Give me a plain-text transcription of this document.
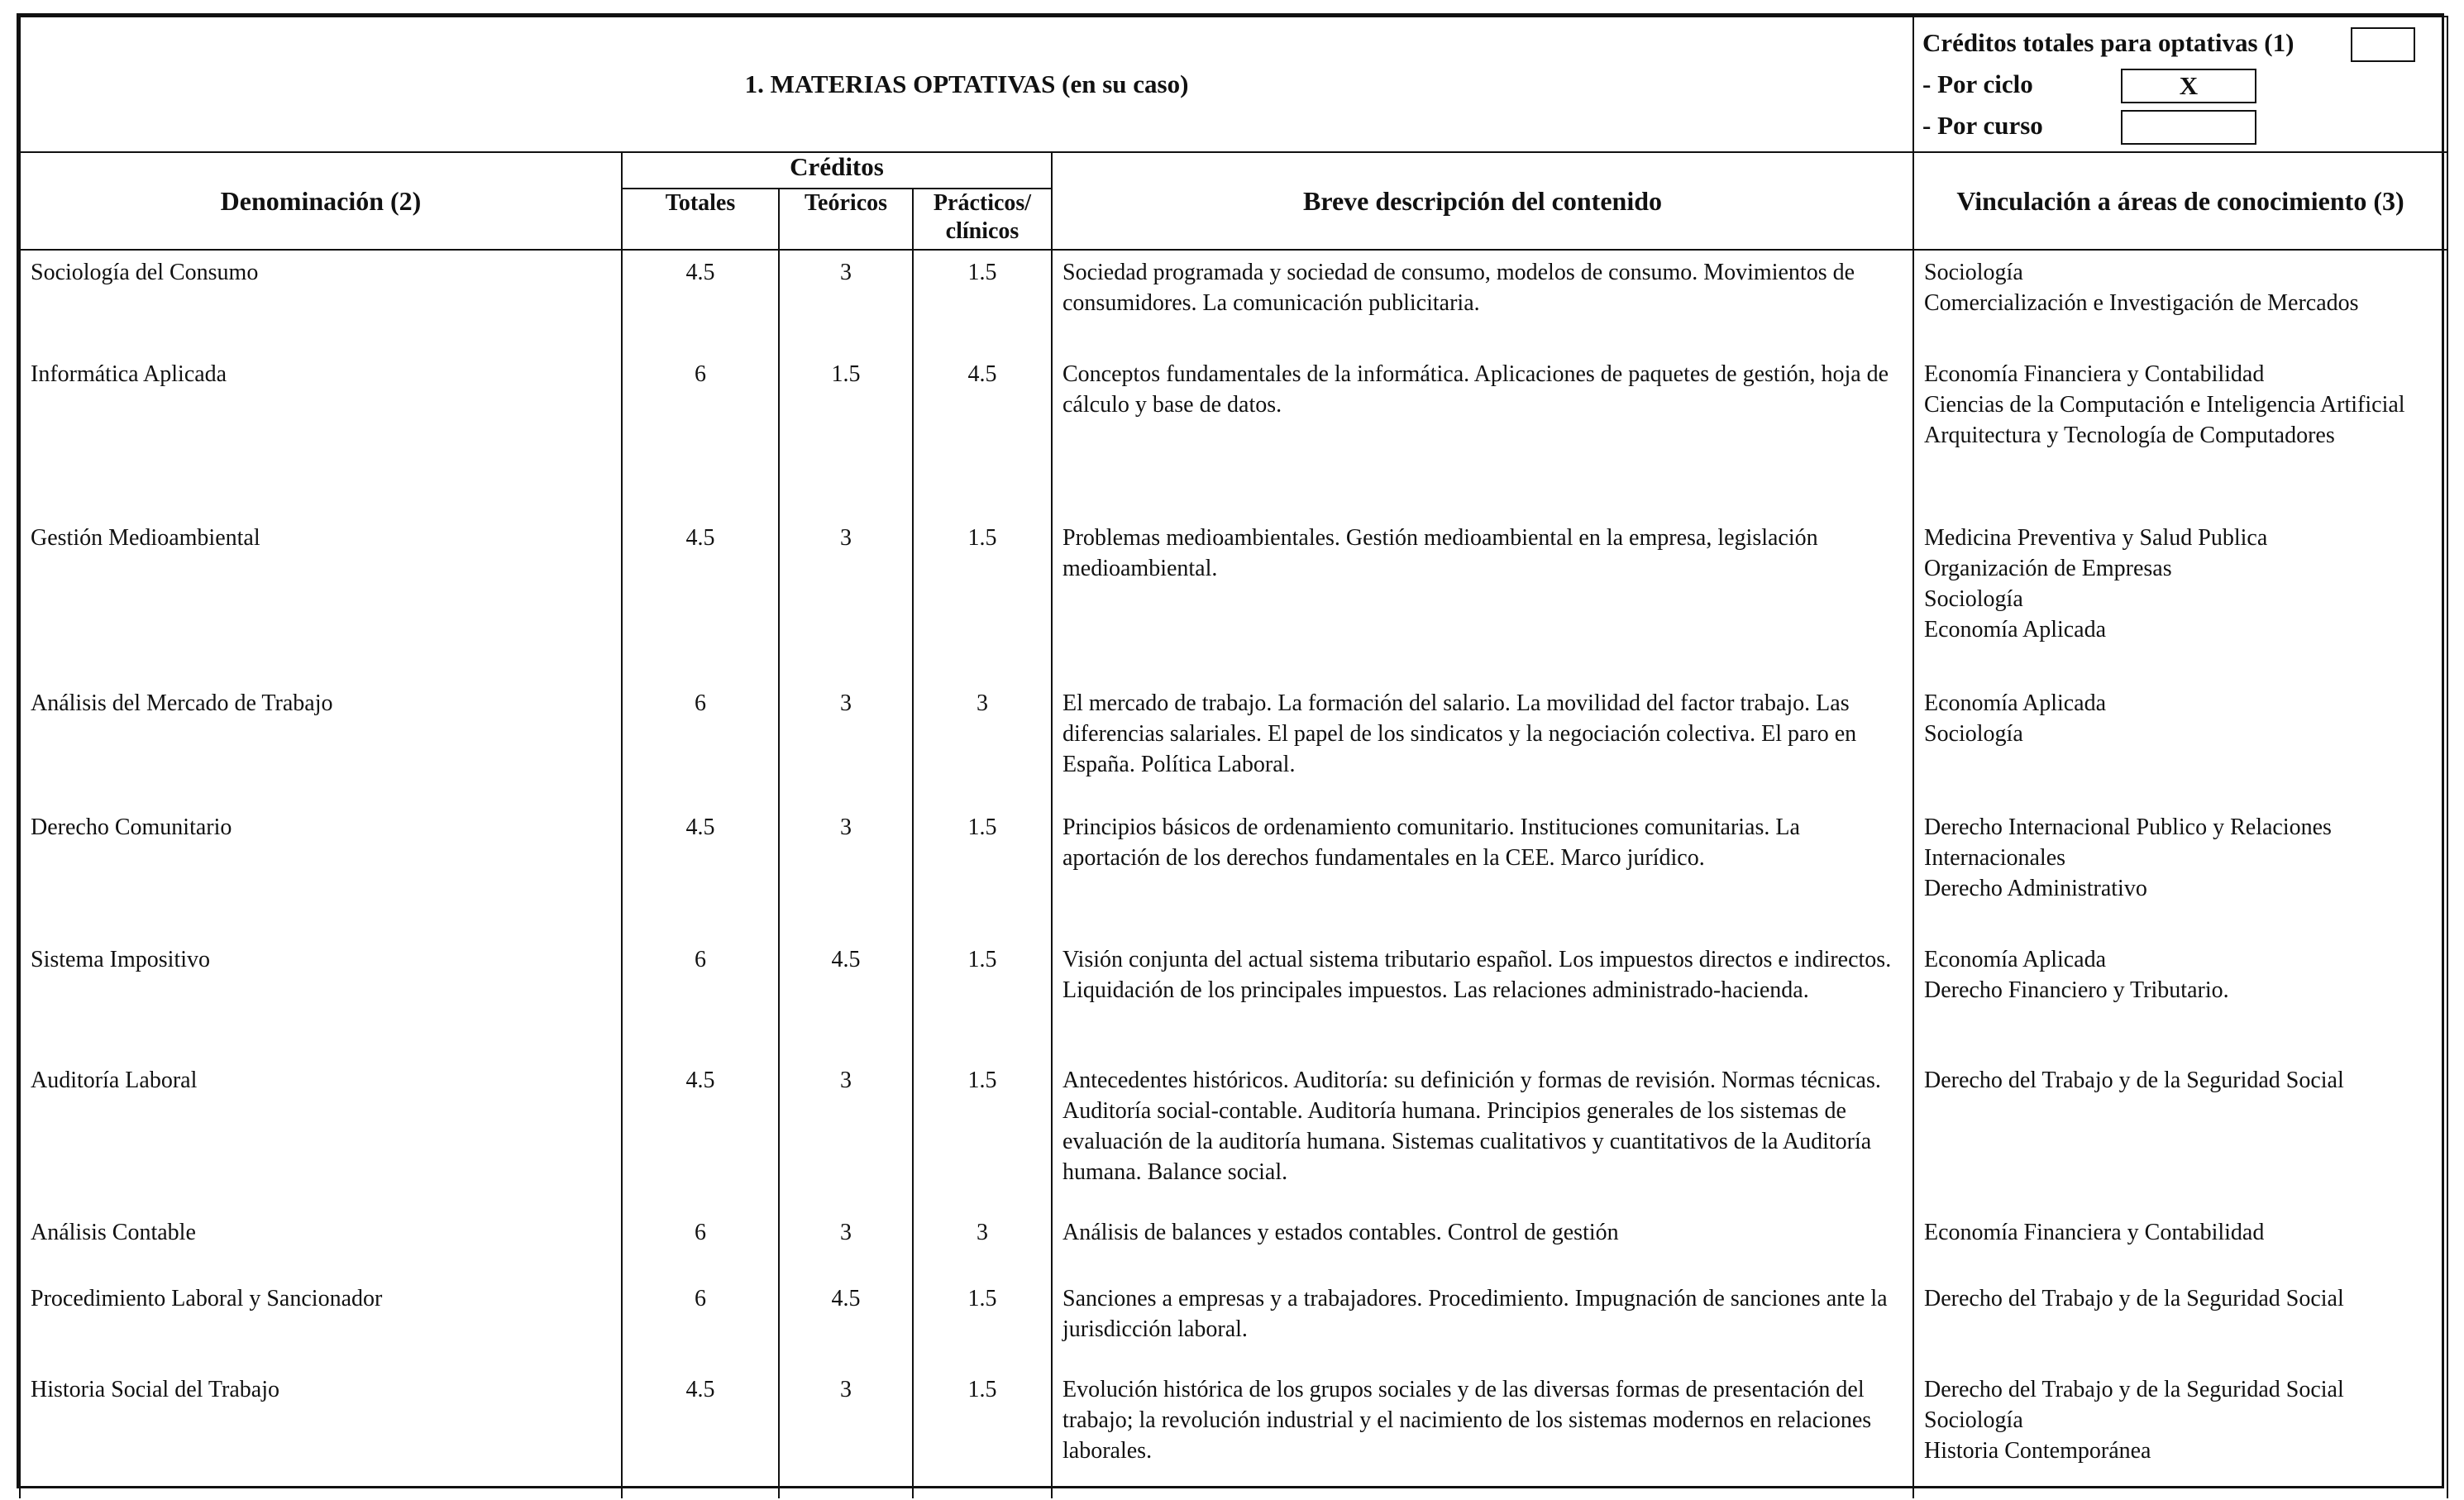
1. MATERIAS OPTATIVAS (en su caso)					Créditos totales para optativas (1)
- Por ciclo X
- Por curso

Denominación (2)	Créditos			Breve descripción del contenido	Vinculación a áreas de conocimiento (3)
	Totales	Teóricos	Prácticos/
clínicos		
Sociología del Consumo	4.5	3	1.5	Sociedad programada y sociedad de consumo, modelos de consumo. Movimientos de consumidores. La comunicación publicitaria.	Sociología
Comercialización e Investigación de Mercados

Informática Aplicada	6	1.5	4.5	Conceptos fundamentales de la informática. Aplicaciones de paquetes de gestión, hoja de cálculo y base de datos.	Economía Financiera y Contabilidad
Ciencias de la Computación e Inteligencia Artificial
Arquitectura y Tecnología de Computadores

Gestión Medioambiental	4.5	3	1.5	Problemas medioambientales. Gestión medioambiental en la empresa, legislación medioambiental.	Medicina Preventiva y Salud Publica
Organización de Empresas
Sociología
Economía Aplicada

Análisis del Mercado de Trabajo	6	3	3	El mercado de trabajo. La formación del salario. La movilidad del factor trabajo. Las diferencias salariales. El papel de los sindicatos y la negociación colectiva. El paro en España. Política Laboral.	Economía Aplicada
Sociología

Derecho Comunitario	4.5	3	1.5	Principios básicos de ordenamiento comunitario. Instituciones comunitarias. La aportación de los derechos fundamentales en la CEE. Marco jurídico.	Derecho Internacional Publico y Relaciones Internacionales
Derecho Administrativo

Sistema Impositivo	6	4.5	1.5	Visión conjunta del actual sistema tributario español. Los impuestos directos e indirectos. Liquidación de los principales impuestos. Las relaciones administrado-hacienda.	Economía Aplicada
Derecho Financiero y Tributario.

Auditoría Laboral	4.5	3	1.5	Antecedentes históricos. Auditoría: su definición y formas de revisión. Normas técnicas. Auditoría social-contable. Auditoría humana. Principios generales de los sistemas de evaluación de la auditoría humana. Sistemas cualitativos y cuantitativos de la Auditoría humana. Balance social.	Derecho del Trabajo y de la Seguridad Social

Análisis Contable	6	3	3	Análisis de balances y estados contables. Control de gestión	Economía Financiera y Contabilidad

Procedimiento Laboral y Sancionador	6	4.5	1.5	Sanciones a empresas y a trabajadores. Procedimiento. Impugnación de sanciones ante la jurisdicción laboral.	Derecho del Trabajo y de la Seguridad Social

Historia Social del Trabajo	4.5	3	1.5	Evolución histórica de los grupos sociales y de las diversas formas de presentación del trabajo; la revolución industrial y el nacimiento de los sistemas modernos en relaciones laborales.	Derecho del Trabajo y de la Seguridad Social
Sociología
Historia Contemporánea
